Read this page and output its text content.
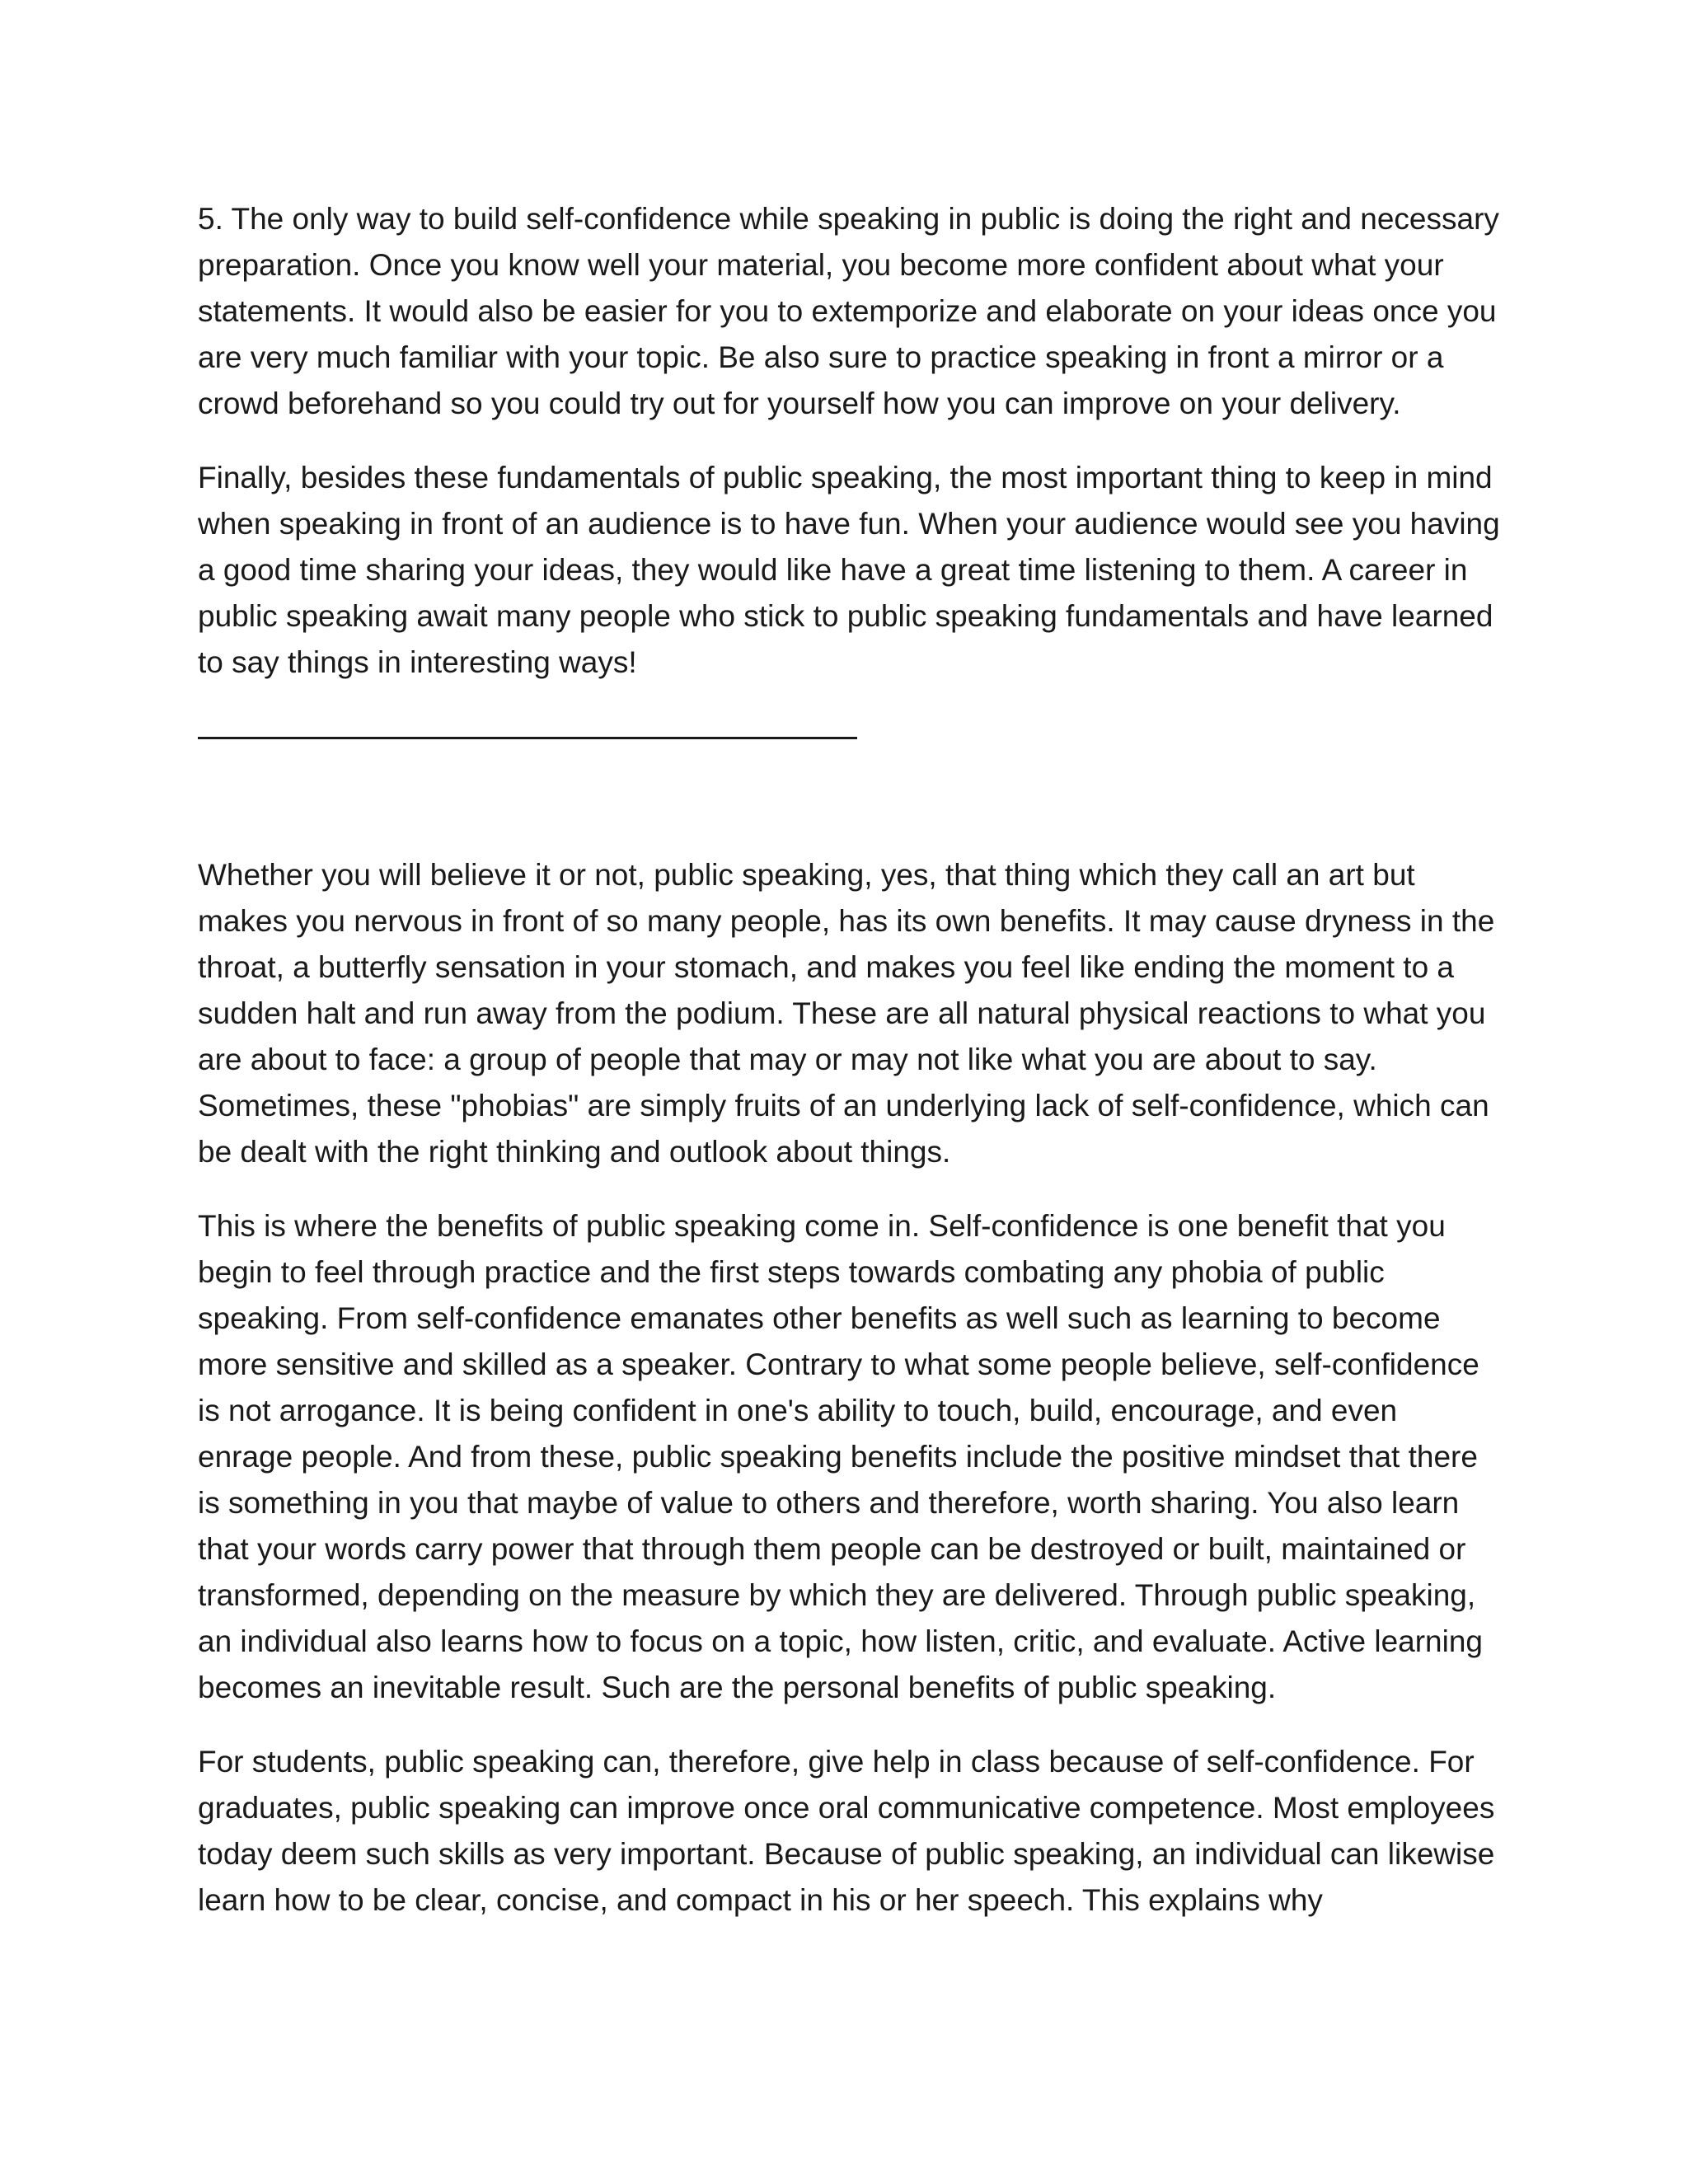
5. The only way to build self-confidence while speaking in public is doing the right and necessary preparation. Once you know well your material, you become more confident about what your statements. It would also be easier for you to extemporize and elaborate on your ideas once you are very much familiar with your topic. Be also sure to practice speaking in front a mirror or a crowd beforehand so you could try out for yourself how you can improve on your delivery.

Finally, besides these fundamentals of public speaking, the most important thing to keep in mind when speaking in front of an audience is to have fun. When your audience would see you having a good time sharing your ideas, they would like have a great time listening to them. A career in public speaking await many people who stick to public speaking fundamentals and have learned to say things in interesting ways!

Whether you will believe it or not, public speaking, yes, that thing which they call an art but makes you nervous in front of so many people, has its own benefits. It may cause dryness in the throat, a butterfly sensation in your stomach, and makes you feel like ending the moment to a sudden halt and run away from the podium. These are all natural physical reactions to what you are about to face: a group of people that may or may not like what you are about to say. Sometimes, these "phobias" are simply fruits of an underlying lack of self-confidence, which can be dealt with the right thinking and outlook about things.

This is where the benefits of public speaking come in. Self-confidence is one benefit that you begin to feel through practice and the first steps towards combating any phobia of public speaking. From self-confidence emanates other benefits as well such as learning to become more sensitive and skilled as a speaker. Contrary to what some people believe, self-confidence is not arrogance. It is being confident in one's ability to touch, build, encourage, and even enrage people. And from these, public speaking benefits include the positive mindset that there is something in you that maybe of value to others and therefore, worth sharing. You also learn that your words carry power that through them people can be destroyed or built, maintained or transformed, depending on the measure by which they are delivered. Through public speaking, an individual also learns how to focus on a topic, how listen, critic, and evaluate. Active learning becomes an inevitable result. Such are the personal benefits of public speaking.

For students, public speaking can, therefore, give help in class because of self-confidence. For graduates, public speaking can improve once oral communicative competence. Most employees today deem such skills as very important. Because of public speaking, an individual can likewise learn how to be clear, concise, and compact in his or her speech. This explains why
